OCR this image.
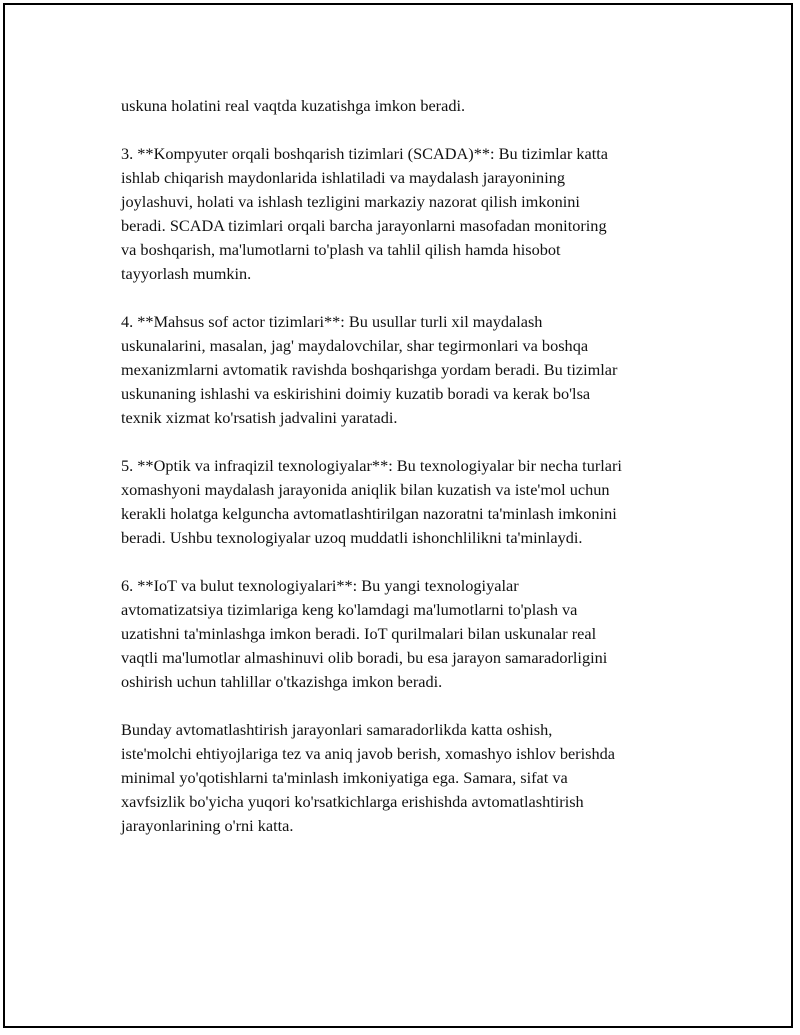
uskuna holatini real vaqtda kuzatishga imkon beradi.

3. **Kompyuter orqali boshqarish tizimlari (SCADA)**: Bu tizimlar katta
ishlab chiqarish maydonlarida ishlatiladi va maydalash jarayonining
joylashuvi, holati va ishlash tezligini markaziy nazorat qilish imkonini
beradi. SCADA tizimlari orqali barcha jarayonlarni masofadan monitoring
va boshqarish, ma'lumotlarni to'plash va tahlil qilish hamda hisobot
tayyorlash mumkin.

4. **Mahsus sof actor tizimlari**: Bu usullar turli xil maydalash
uskunalarini, masalan, jag' maydalovchilar, shar tegirmonlari va boshqa
mexanizmlarni avtomatik ravishda boshqarishga yordam beradi. Bu tizimlar
uskunaning ishlashi va eskirishini doimiy kuzatib boradi va kerak bo'lsa
texnik xizmat ko'rsatish jadvalini yaratadi.

5. **Optik va infraqizil texnologiyalar**: Bu texnologiyalar bir necha turlari
xomashyoni maydalash jarayonida aniqlik bilan kuzatish va iste'mol uchun
kerakli holatga kelguncha avtomatlashtirilgan nazoratni ta'minlash imkonini
beradi. Ushbu texnologiyalar uzoq muddatli ishonchlilikni ta'minlaydi.

6. **IoT va bulut texnologiyalari**: Bu yangi texnologiyalar
avtomatizatsiya tizimlariga keng ko'lamdagi ma'lumotlarni to'plash va
uzatishni ta'minlashga imkon beradi. IoT qurilmalari bilan uskunalar real
vaqtli ma'lumotlar almashinuvi olib boradi, bu esa jarayon samaradorligini
oshirish uchun tahlillar o'tkazishga imkon beradi.

Bunday avtomatlashtirish jarayonlari samaradorlikda katta oshish,
iste'molchi ehtiyojlariga tez va aniq javob berish, xomashyo ishlov berishda
minimal yo'qotishlarni ta'minlash imkoniyatiga ega. Samara, sifat va
xavfsizlik bo'yicha yuqori ko'rsatkichlarga erishishda avtomatlashtirish
jarayonlarining o'rni katta.
